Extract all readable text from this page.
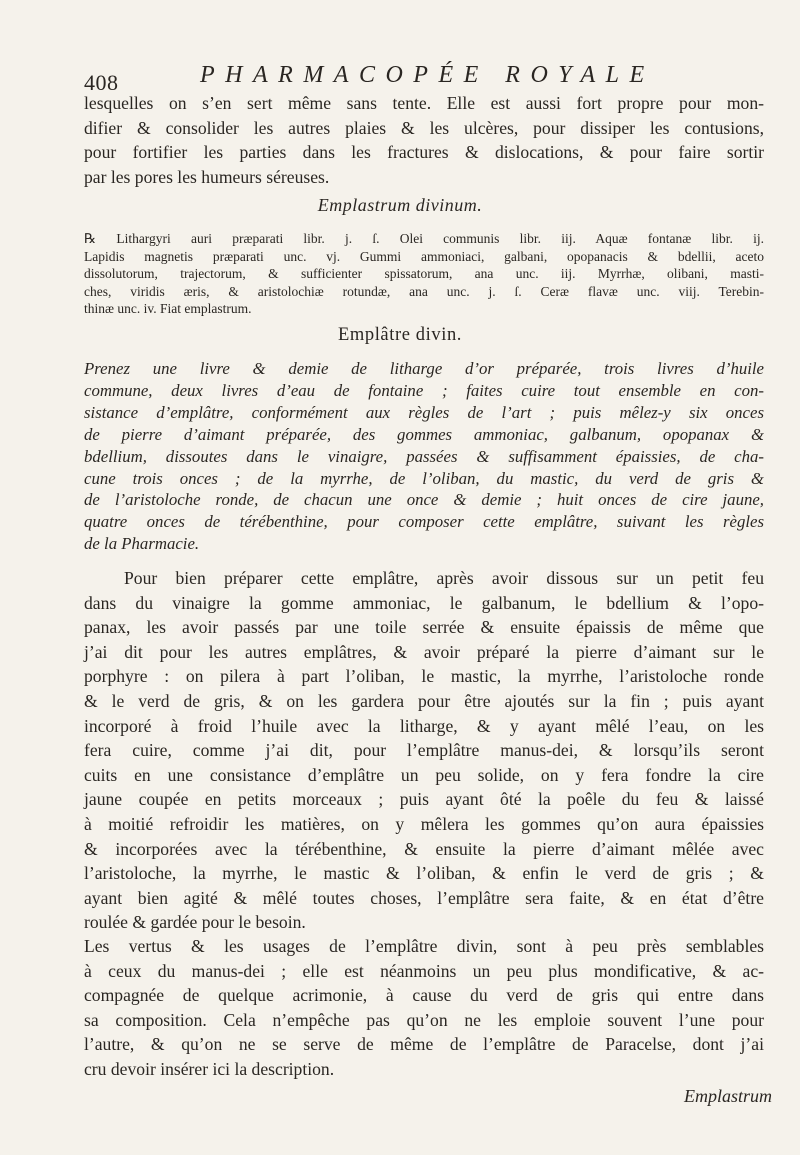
408	PHARMACOPÉE ROYALE

lesquelles on s’en sert même sans tente. Elle est aussi fort propre pour mon-

difier & consolider les autres plaies & les ulcères, pour dissiper les contusions,

pour fortifier les parties dans les fractures & dislocations, & pour faire sortir

par les pores les humeurs séreuses.

Emplastrum divinum.

℞ Lithargyri auri præparati libr. j. ſ. Olei communis libr. iij. Aquæ fontanæ libr. ij.

Lapidis magnetis præparati unc. vj. Gummi ammoniaci, galbani, opopanacis & bdellii, aceto

dissolutorum, trajectorum, & sufficienter spissatorum, ana unc. iij. Myrrhæ, olibani, masti-

ches, viridis æris, & aristolochiæ rotundæ, ana unc. j. ſ. Ceræ flavæ unc. viij. Terebin-

thinæ unc. iv. Fiat emplastrum.

Emplâtre divin.

Prenez une livre & demie de litharge d’or préparée, trois livres d’huile

commune, deux livres d’eau de fontaine ; faites cuire tout ensemble en con-

sistance d’emplâtre, conformément aux règles de l’art ; puis mêlez-y six onces

de pierre d’aimant préparée, des gommes ammoniac, galbanum, opopanax &

bdellium, dissoutes dans le vinaigre, passées & suffisamment épaissies, de cha-

cune trois onces ; de la myrrhe, de l’oliban, du mastic, du verd de gris &

de l’aristoloche ronde, de chacun une once & demie ; huit onces de cire jaune,

quatre onces de térébenthine, pour composer cette emplâtre, suivant les règles

de la Pharmacie.

Pour bien préparer cette emplâtre, après avoir dissous sur un petit feu

dans du vinaigre la gomme ammoniac, le galbanum, le bdellium & l’opo-

panax, les avoir passés par une toile serrée & ensuite épaissis de même que

j’ai dit pour les autres emplâtres, & avoir préparé la pierre d’aimant sur le

porphyre : on pilera à part l’oliban, le mastic, la myrrhe, l’aristoloche ronde

& le verd de gris, & on les gardera pour être ajoutés sur la fin ; puis ayant

incorporé à froid l’huile avec la litharge, & y ayant mêlé l’eau, on les

fera cuire, comme j’ai dit, pour l’emplâtre manus-dei, & lorsqu’ils seront

cuits en une consistance d’emplâtre un peu solide, on y fera fondre la cire

jaune coupée en petits morceaux ; puis ayant ôté la poêle du feu & laissé

à moitié refroidir les matières, on y mêlera les gommes qu’on aura épaissies

& incorporées avec la térébenthine, & ensuite la pierre d’aimant mêlée avec

l’aristoloche, la myrrhe, le mastic & l’oliban, & enfin le verd de gris ; &

ayant bien agité & mêlé toutes choses, l’emplâtre sera faite, & en état d’être

roulée & gardée pour le besoin.

Les vertus & les usages de l’emplâtre divin, sont à peu près semblables

à ceux du manus-dei ; elle est néanmoins un peu plus mondificative, & ac-

compagnée de quelque acrimonie, à cause du verd de gris qui entre dans

sa composition. Cela n’empêche pas qu’on ne les emploie souvent l’une pour

l’autre, & qu’on ne se serve de même de l’emplâtre de Paracelse, dont j’ai

cru devoir insérer ici la description.

Emplastrum
